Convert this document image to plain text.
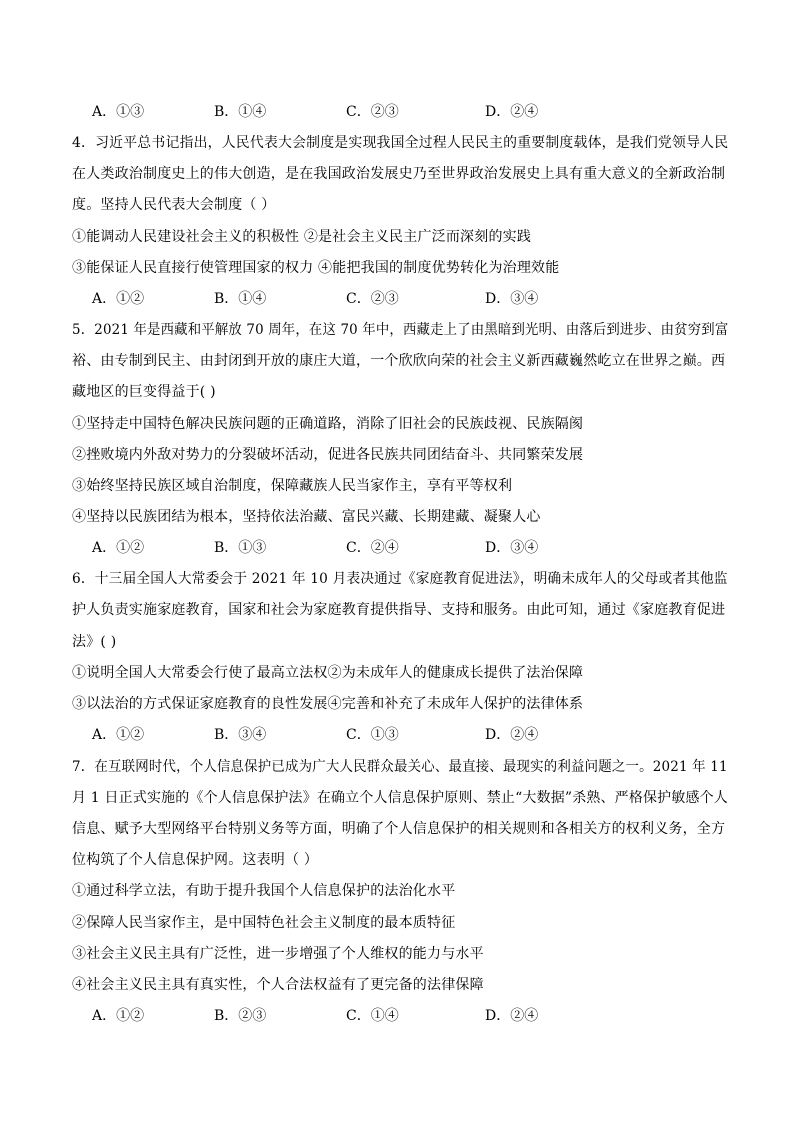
A．①③	B．①④	C．②③	D．②④
4．习近平总书记指出，人民代表大会制度是实现我国全过程人民民主的重要制度载体，是我们党领导人民
在人类政治制度史上的伟大创造，是在我国政治发展史乃至世界政治发展史上具有重大意义的全新政治制
度。坚持人民代表大会制度（ ）
①能调动人民建设社会主义的积极性 ②是社会主义民主广泛而深刻的实践
③能保证人民直接行使管理国家的权力 ④能把我国的制度优势转化为治理效能
A．①②	B．①④	C．②③	D．③④
5．2021 年是西藏和平解放 70 周年，在这 70 年中，西藏走上了由黑暗到光明、由落后到进步、由贫穷到富
裕、由专制到民主、由封闭到开放的康庄大道，一个欣欣向荣的社会主义新西藏巍然屹立在世界之巅。西
藏地区的巨变得益于( )
①坚持走中国特色解决民族问题的正确道路，消除了旧社会的民族歧视、民族隔阂
②挫败境内外敌对势力的分裂破坏活动，促进各民族共同团结奋斗、共同繁荣发展
③始终坚持民族区域自治制度，保障藏族人民当家作主，享有平等权利
④坚持以民族团结为根本，坚持依法治藏、富民兴藏、长期建藏、凝聚人心
A．①②	B．①③	C．②④	D．③④
6．十三届全国人大常委会于 2021 年 10 月表决通过《家庭教育促进法》，明确未成年人的父母或者其他监
护人负责实施家庭教育，国家和社会为家庭教育提供指导、支持和服务。由此可知，通过《家庭教育促进
法》( )
①说明全国人大常委会行使了最高立法权②为未成年人的健康成长提供了法治保障
③以法治的方式保证家庭教育的良性发展④完善和补充了未成年人保护的法律体系
A．①②	B．③④	C．①③	D．②④
7．在互联网时代，个人信息保护已成为广大人民群众最关心、最直接、最现实的利益问题之一。2021 年 11
月 1 日正式实施的《个人信息保护法》在确立个人信息保护原则、禁止“大数据”杀熟、严格保护敏感个人
信息、赋予大型网络平台特别义务等方面，明确了个人信息保护的相关规则和各相关方的权利义务，全方
位构筑了个人信息保护网。这表明（ ）
①通过科学立法，有助于提升我国个人信息保护的法治化水平
②保障人民当家作主，是中国特色社会主义制度的最本质特征
③社会主义民主具有广泛性，进一步增强了个人维权的能力与水平
④社会主义民主具有真实性，个人合法权益有了更完备的法律保障
A．①②	B．②③	C．①④	D．②④
